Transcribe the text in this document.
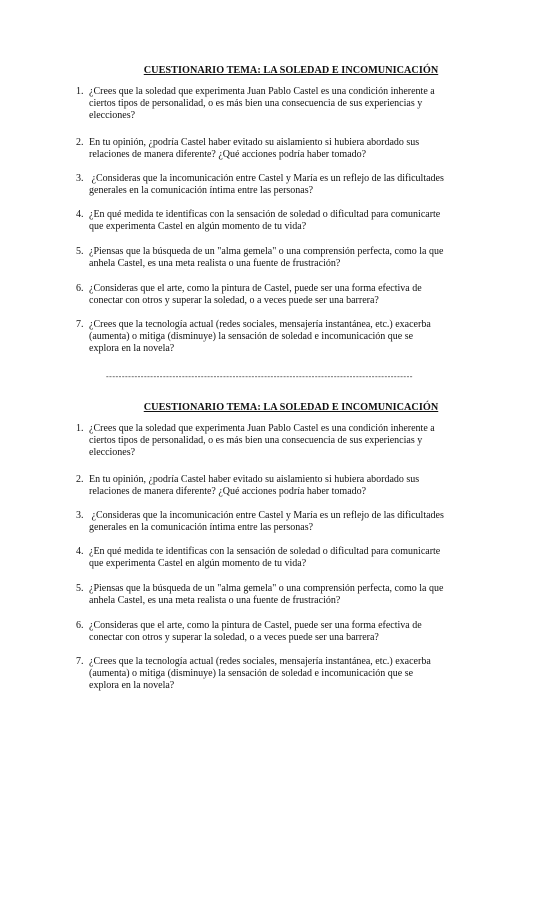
CUESTIONARIO TEMA: LA SOLEDAD E INCOMUNICACIÓN
1. ¿Crees que la soledad que experimenta Juan Pablo Castel es una condición inherente a
ciertos tipos de personalidad, o es más bien una consecuencia de sus experiencias y
elecciones?
2. En tu opinión, ¿podría Castel haber evitado su aislamiento si hubiera abordado sus
relaciones de manera diferente? ¿Qué acciones podría haber tomado?
3. ¿Consideras que la incomunicación entre Castel y María es un reflejo de las dificultades
generales en la comunicación íntima entre las personas?
4. ¿En qué medida te identificas con la sensación de soledad o dificultad para comunicarte
que experimenta Castel en algún momento de tu vida?
5. ¿Piensas que la búsqueda de un "alma gemela" o una comprensión perfecta, como la que
anhela Castel, es una meta realista o una fuente de frustración?
6. ¿Consideras que el arte, como la pintura de Castel, puede ser una forma efectiva de
conectar con otros y superar la soledad, o a veces puede ser una barrera?
7. ¿Crees que la tecnología actual (redes sociales, mensajería instantánea, etc.) exacerba
(aumenta) o mitiga (disminuye) la sensación de soledad e incomunicación que se
explora en la novela?
-------------------------------------------------------------------------------------------------
CUESTIONARIO TEMA: LA SOLEDAD E INCOMUNICACIÓN
1. ¿Crees que la soledad que experimenta Juan Pablo Castel es una condición inherente a
ciertos tipos de personalidad, o es más bien una consecuencia de sus experiencias y
elecciones?
2. En tu opinión, ¿podría Castel haber evitado su aislamiento si hubiera abordado sus
relaciones de manera diferente? ¿Qué acciones podría haber tomado?
3. ¿Consideras que la incomunicación entre Castel y María es un reflejo de las dificultades
generales en la comunicación íntima entre las personas?
4. ¿En qué medida te identificas con la sensación de soledad o dificultad para comunicarte
que experimenta Castel en algún momento de tu vida?
5. ¿Piensas que la búsqueda de un "alma gemela" o una comprensión perfecta, como la que
anhela Castel, es una meta realista o una fuente de frustración?
6. ¿Consideras que el arte, como la pintura de Castel, puede ser una forma efectiva de
conectar con otros y superar la soledad, o a veces puede ser una barrera?
7. ¿Crees que la tecnología actual (redes sociales, mensajería instantánea, etc.) exacerba
(aumenta) o mitiga (disminuye) la sensación de soledad e incomunicación que se
explora en la novela?
